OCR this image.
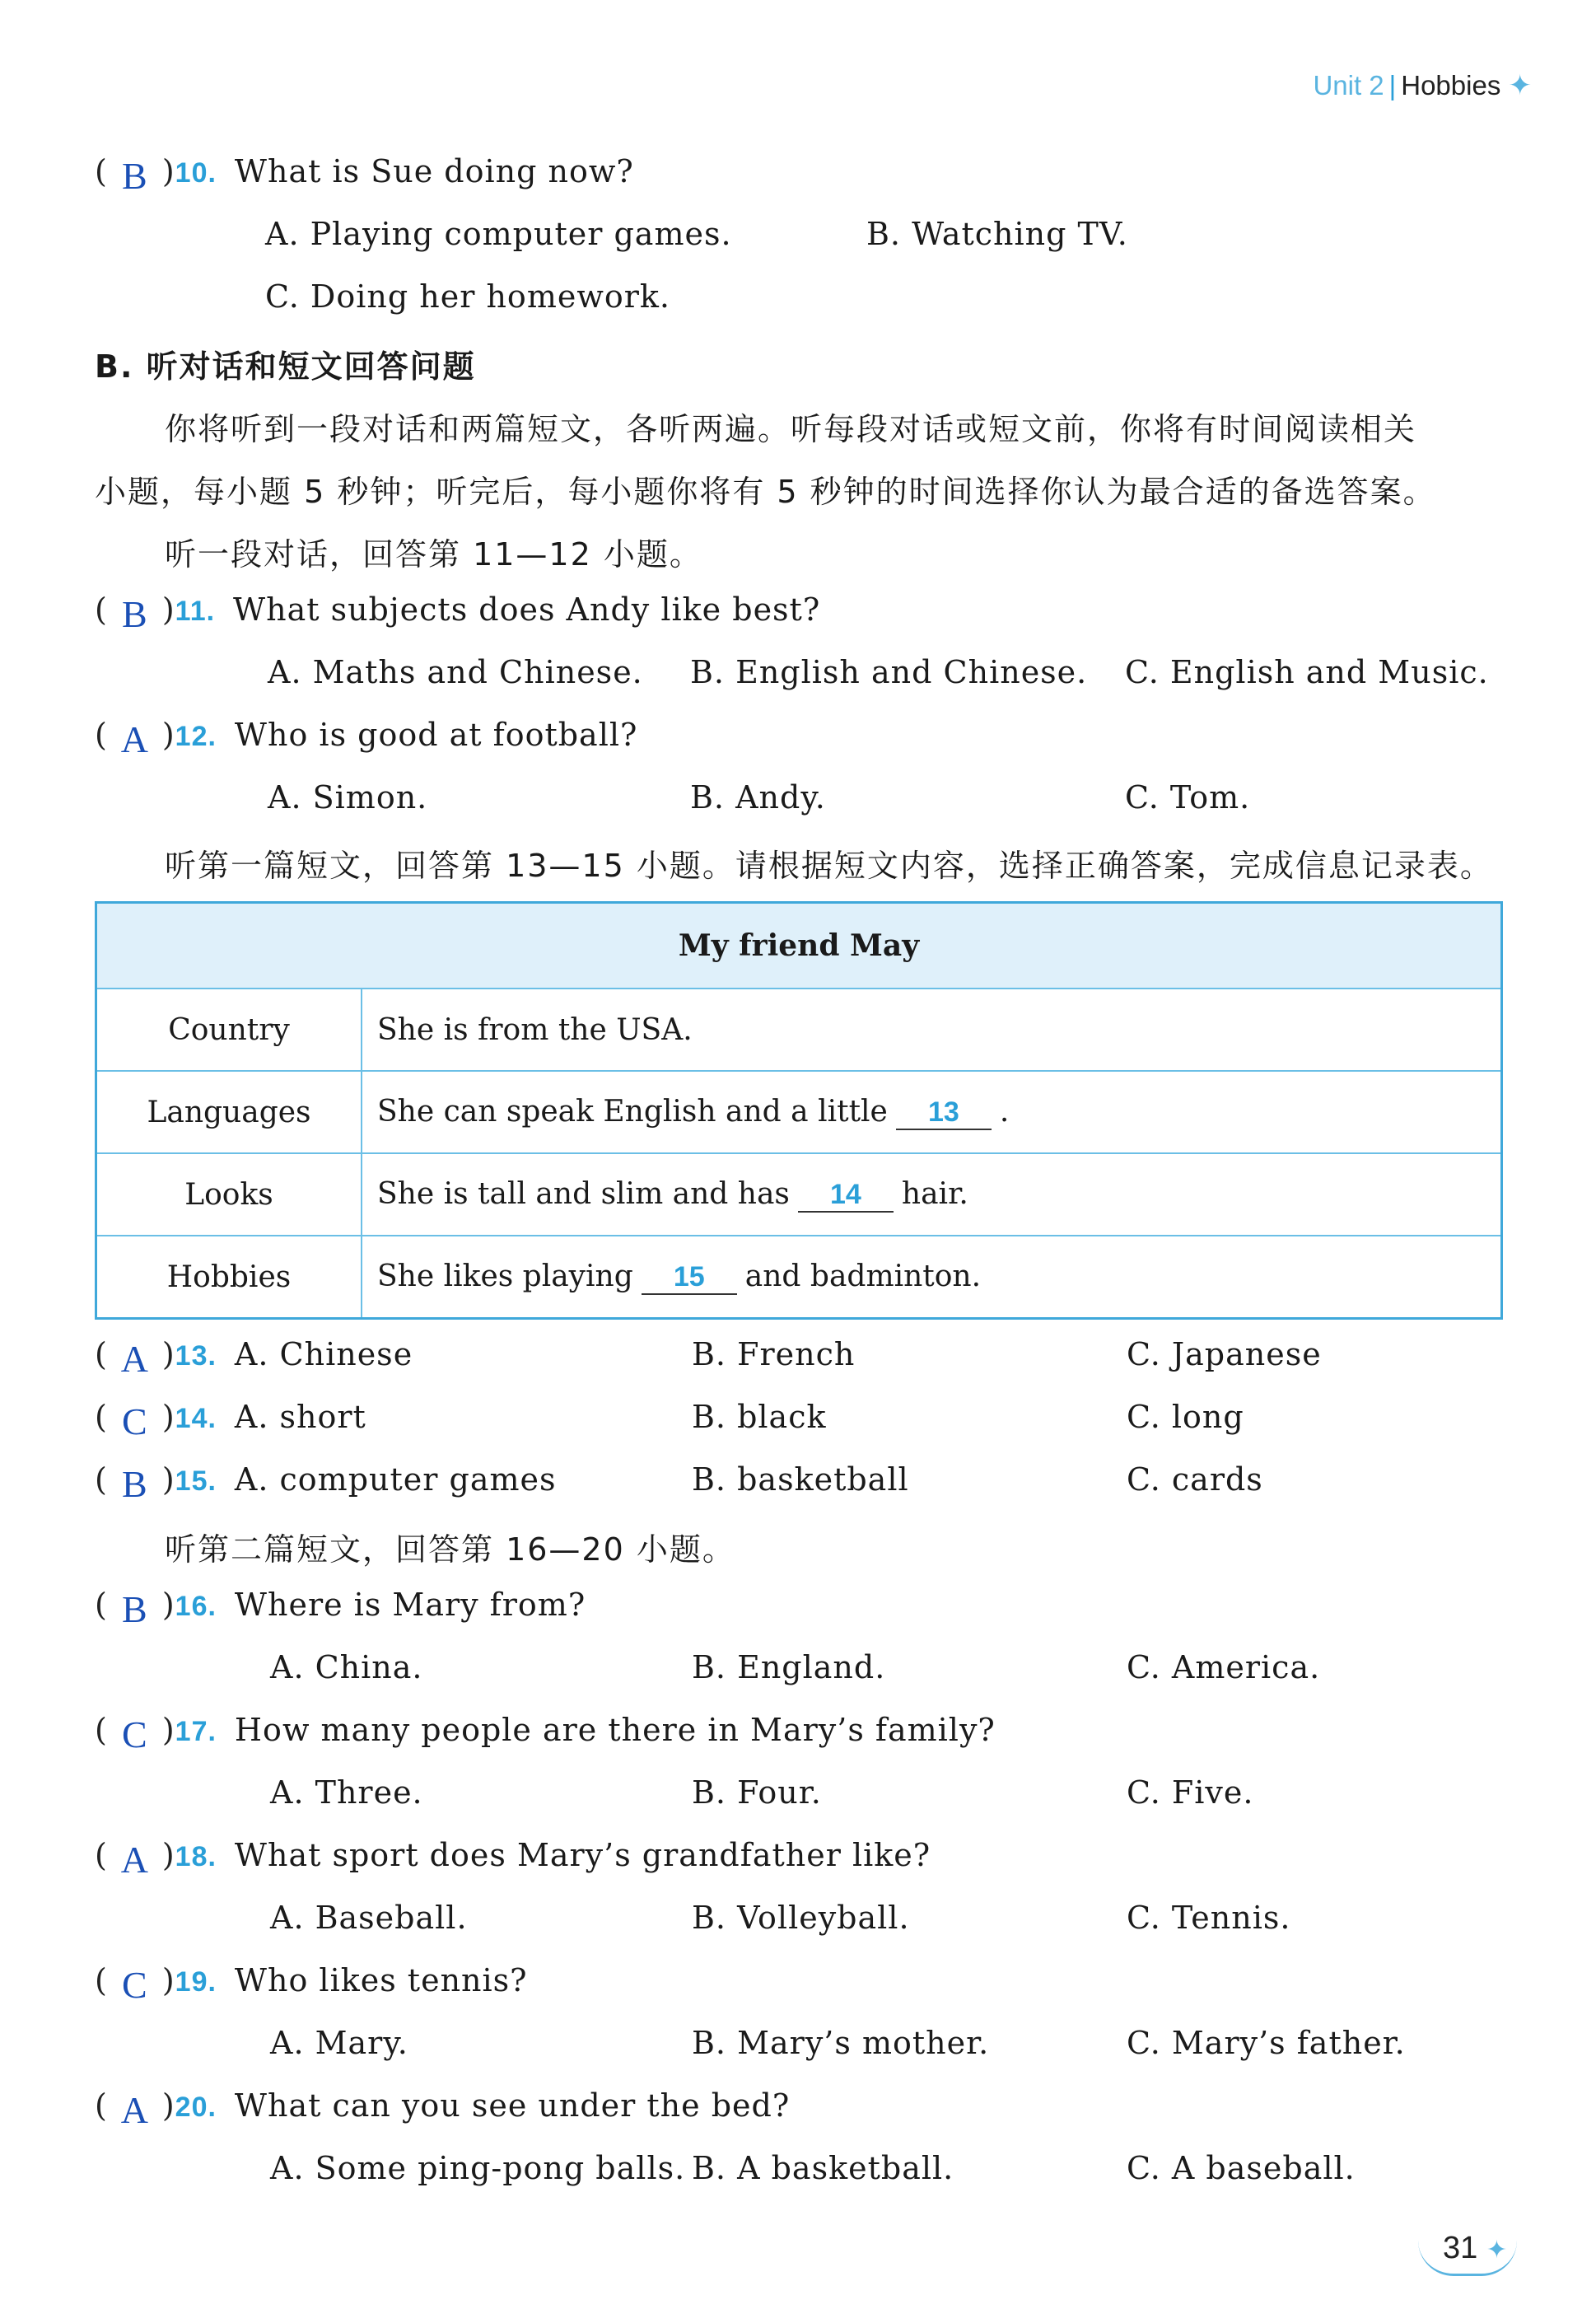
Unit 2 | Hobbies ✦
( B )10. What is Sue doing now?
A. Playing computer games.	B. Watching TV.
C. Doing her homework.
B. 听对话和短文回答问题
你将听到一段对话和两篇短文，各听两遍。听每段对话或短文前，你将有时间阅读相关
小题，每小题 5 秒钟；听完后，每小题你将有 5 秒钟的时间选择你认为最合适的备选答案。
听一段对话，回答第 11—12 小题。
( B )11. What subjects does Andy like best?
A. Maths and Chinese. B. English and Chinese. C. English and Music.
( A )12. Who is good at football?
A. Simon.	B. Andy.	C. Tom.
听第一篇短文，回答第 13—15 小题。请根据短文内容，选择正确答案，完成信息记录表。
My friend May	
Country	She is from the USA.
Languages	She can speak English and a little 13 .
Looks	She is tall and slim and has 14 hair.
Hobbies	She likes playing 15 and badminton.
( A )13. A. Chinese	B. French	C. Japanese
( C )14. A. short	B. black	C. long
( B )15. A. computer games	B. basketball	C. cards
听第二篇短文，回答第 16—20 小题。
( B )16. Where is Mary from?
A. China.	B. England.	C. America.
( C )17. How many people are there in Mary’s family?
A. Three.	B. Four.	C. Five.
( A )18. What sport does Mary’s grandfather like?
A. Baseball.	B. Volleyball.	C. Tennis.
( C )19. Who likes tennis?
A. Mary.	B. Mary’s mother.	C. Mary’s father.
( A )20. What can you see under the bed?
A. Some ping-pong balls. B. A basketball.	C. A baseball.
31 ✦
